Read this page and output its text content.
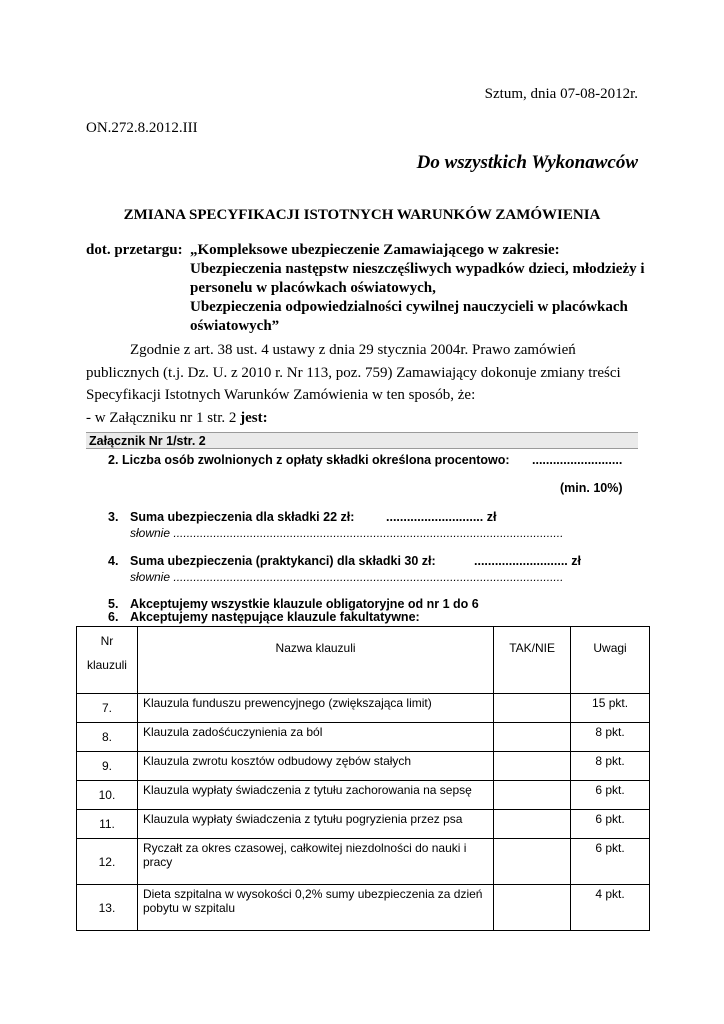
Sztum, dnia 07-08-2012r.
ON.272.8.2012.III
Do wszystkich Wykonawców
ZMIANA SPECYFIKACJI ISTOTNYCH WARUNKÓW ZAMÓWIENIA
dot. przetargu: „Kompleksowe ubezpieczenie Zamawiającego w zakresie:
Ubezpieczenia następstw nieszczęśliwych wypadków dzieci, młodzieży i
personelu w placówkach oświatowych,
Ubezpieczenia odpowiedzialności cywilnej nauczycieli w placówkach
oświatowych”
Zgodnie z art. 38 ust. 4 ustawy z dnia 29 stycznia 2004r. Prawo zamówień
publicznych (t.j. Dz. U. z 2010 r. Nr 113, poz. 759) Zamawiający dokonuje zmiany treści
Specyfikacji Istotnych Warunków Zamówienia w ten sposób, że:
- w Załączniku nr 1 str. 2 jest:
Załącznik Nr 1/str. 2
2. Liczba osób zwolnionych z opłaty składki określona procentowo: ..........................
(min. 10%)
3. Suma ubezpieczenia dla składki 22 zł:	............................ zł
słownie .....................................................................................................................
4. Suma ubezpieczenia (praktykanci) dla składki 30 zł:	........................... zł
słownie .....................................................................................................................
5. Akceptujemy wszystkie klauzule obligatoryjne od nr 1 do 6
6. Akceptujemy następujące klauzule fakultatywne:
Nr
klauzuli	Nazwa klauzuli	TAK/NIE	Uwagi
7.	Klauzula funduszu prewencyjnego (zwiększająca limit)		15 pkt.
8.	Klauzula zadośćuczynienia za ból		8 pkt.
9.	Klauzula zwrotu kosztów odbudowy zębów stałych		8 pkt.
10.	Klauzula wypłaty świadczenia z tytułu zachorowania na sepsę		6 pkt.
11.	Klauzula wypłaty świadczenia z tytułu pogryzienia przez psa		6 pkt.
12.	Ryczałt za okres czasowej, całkowitej niezdolności do nauki i pracy		6 pkt.
13.	Dieta szpitalna w wysokości 0,2% sumy ubezpieczenia za dzień pobytu w szpitalu		4 pkt.
